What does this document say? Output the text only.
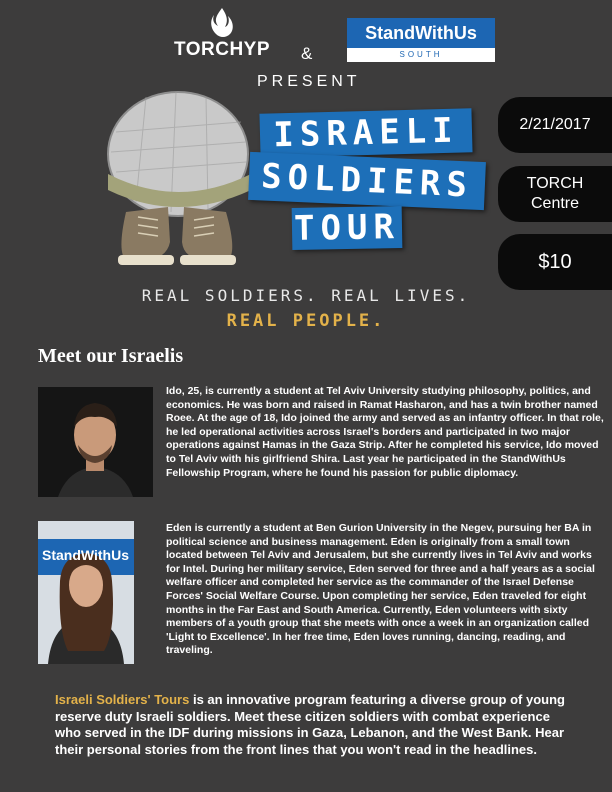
TORCHYP	&
StandWithUs
SOUTH
PRESENT
ISRAELI
SOLDIERS
TOUR
2/21/2017
TORCH
Centre
$10
REAL SOLDIERS. REAL LIVES.
REAL PEOPLE.
Meet our Israelis
Ido, 25, is currently a student at Tel Aviv University studying philosophy, politics, and economics. He was born and raised in Ramat Hasharon, and has a twin brother named Roee. At the age of 18, Ido joined the army and served as an infantry officer. In that role, he led operational activities across Israel's borders and participated in two major operations against Hamas in the Gaza Strip. After he completed his service, Ido moved to Tel Aviv with his girlfriend Shira. Last year he participated in the StandWithUs Fellowship Program, where he found his passion for public diplomacy.
StandWithUs
Eden is currently a student at Ben Gurion University in the Negev, pursuing her BA in political science and business management. Eden is originally from a small town located between Tel Aviv and Jerusalem, but she currently lives in Tel Aviv and works for Intel. During her military service, Eden served for three and a half years as a social welfare officer and completed her service as the commander of the Israel Defense Forces' Social Welfare Course. Upon completing her service, Eden traveled for eight months in the Far East and South America. Currently, Eden volunteers with sixty members of a youth group that she meets with once a week in an organization called 'Light to Excellence'. In her free time, Eden loves running, dancing, reading, and traveling.
Israeli Soldiers' Tours is an innovative program featuring a diverse group of young reserve duty Israeli soldiers. Meet these citizen soldiers with combat experience who served in the IDF during missions in Gaza, Lebanon, and the West Bank. Hear their personal stories from the front lines that you won't read in the headlines.
